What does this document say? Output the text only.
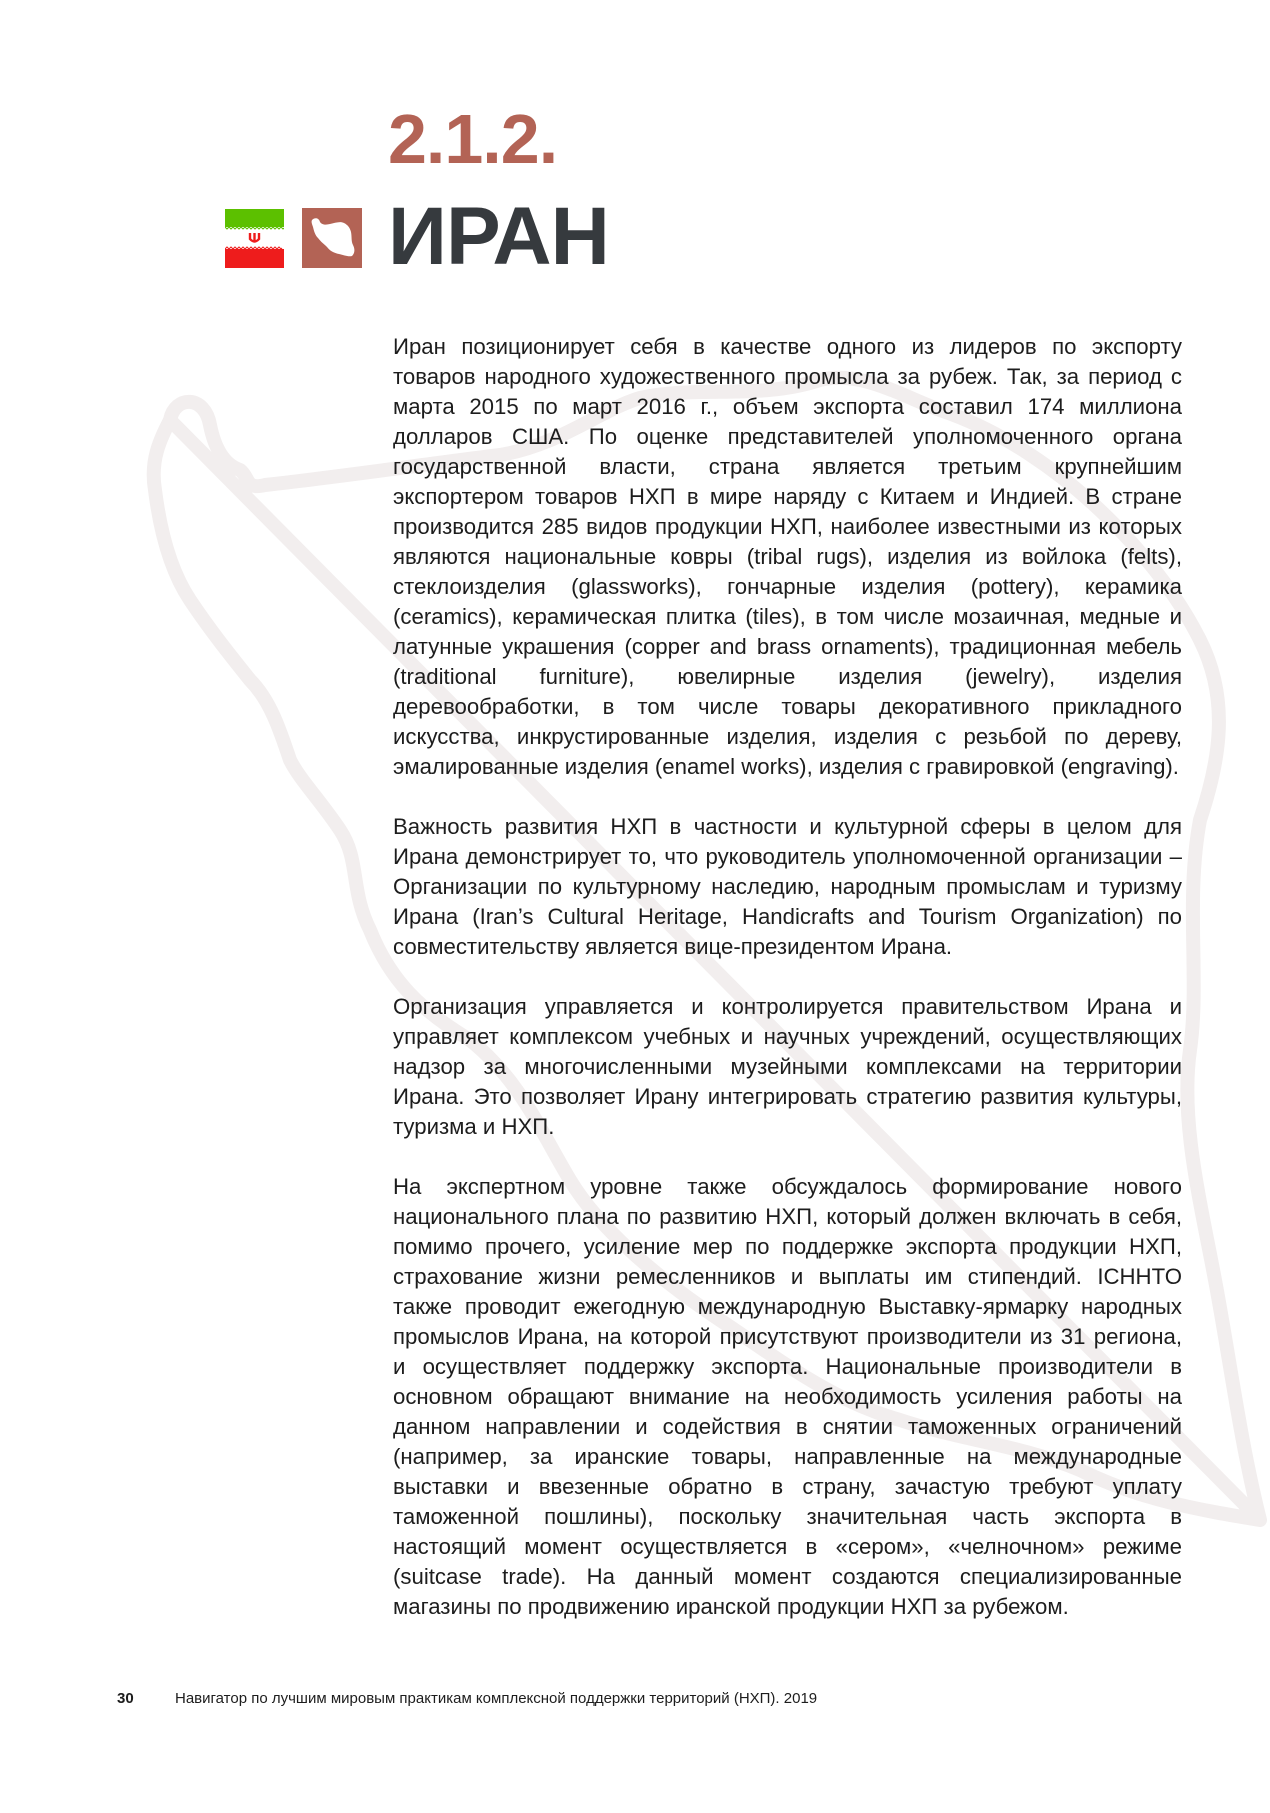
2.1.2.
ИРАН

Иран позиционирует себя в качестве одного из лидеров по экспорту товаров народного художественного промысла за рубеж. Так, за период с марта 2015 по март 2016 г., объем экспорта составил 174 миллиона долларов США. По оценке представителей уполномоченного органа государственной власти, страна является третьим крупнейшим экспортером товаров НХП в мире наряду с Китаем и Индией. В стране производится 285 видов продукции НХП, наиболее известными из которых являются национальные ковры (tribal rugs), изделия из войлока (felts), стеклоизделия (glassworks), гончарные изделия (pottery), керамика (ceramics), керамическая плитка (tiles), в том числе мозаичная, медные и латунные украшения (copper and brass ornaments), традиционная мебель (traditional furniture), ювелирные изделия (jewelry), изделия деревообработки, в том числе товары декоративного прикладного искусства, инкрустированные изделия, изделия с резьбой по дереву, эмалированные изделия (enamel works), изделия с гравировкой (engraving).

Важность развития НХП в частности и культурной сферы в целом для Ирана демонстрирует то, что руководитель уполномоченной организации – Организации по культурному наследию, народным промыслам и туризму Ирана (Iran’s Cultural Heritage, Handicrafts and Tourism Organization) по совместительству является вице-президентом Ирана.

Организация управляется и контролируется правительством Ирана и управляет комплексом учебных и научных учреждений, осуществляющих надзор за многочисленными музейными комплексами на территории Ирана. Это позволяет Ирану интегрировать стратегию развития культуры, туризма и НХП.

На экспертном уровне также обсуждалось формирование нового национального плана по развитию НХП, который должен включать в себя, помимо прочего, усиление мер по поддержке экспорта продукции НХП, страхование жизни ремесленников и выплаты им стипендий. ICHHTO также проводит ежегодную международную Выставку-ярмарку народных промыслов Ирана, на которой присутствуют производители из 31 региона, и осуществляет поддержку экспорта. Национальные производители в основном обращают внимание на необходимость усиления работы на данном направлении и содействия в снятии таможенных ограничений (например, за иранские товары, направленные на международные выставки и ввезенные обратно в страну, зачастую требуют уплату таможенной пошлины), поскольку значительная часть экспорта в настоящий момент осуществляется в «сером», «челночном» режиме (suitcase trade). На данный момент создаются специализированные магазины по продвижению иранской продукции НХП за рубежом.

30	Навигатор по лучшим мировым практикам комплексной поддержки территорий (НХП). 2019
